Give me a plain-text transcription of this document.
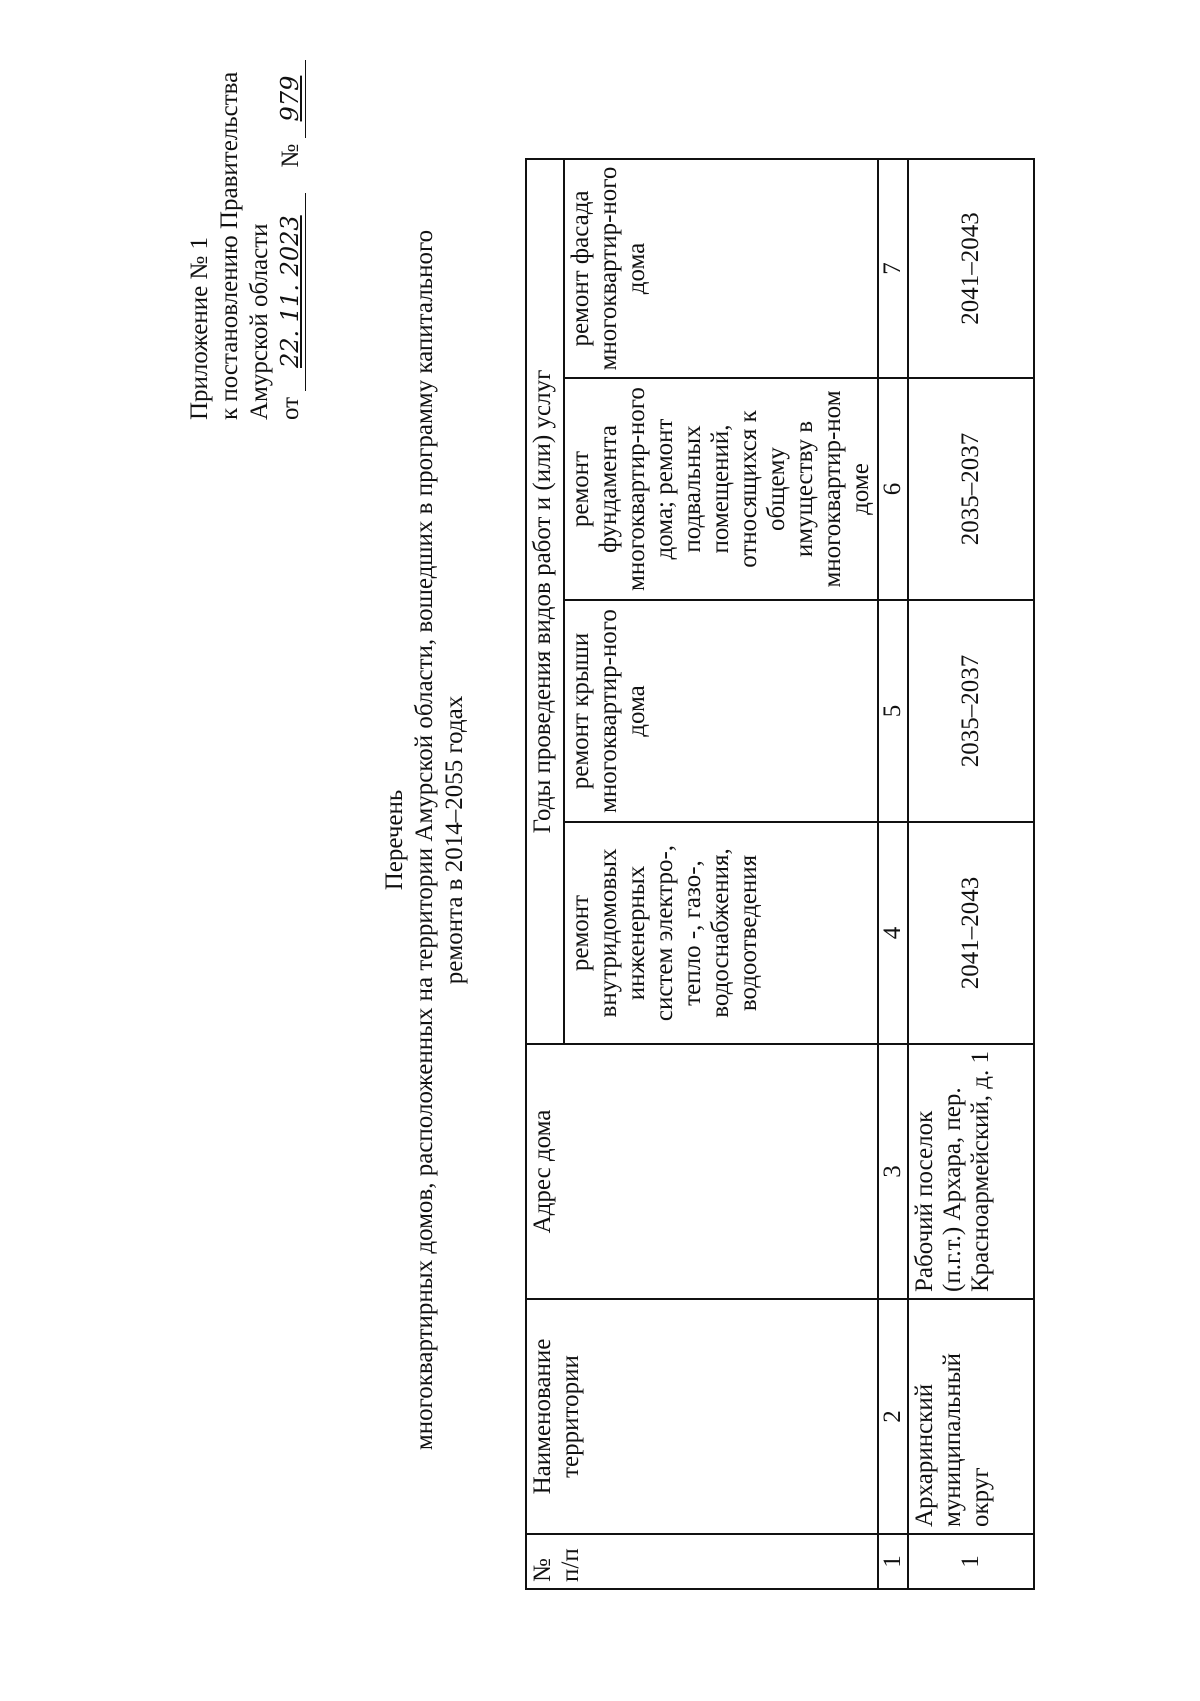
Приложение № 1 к постановлению Правительства Амурской области от 22. 11. 2023    № 979
Перечень многоквартирных домов, расположенных на территории Амурской области, вошедших в программу капитального ремонта в 2014–2055 годах
№ п/п	Наименование территории	Адрес дома	Годы проведения видов работ и (или) услуг			
			ремонт внутридомовых инженерных систем электро-, тепло -, газо-, водоснабжения, водоотведения	ремонт крыши многоквартир-ного дома	ремонт фундамента многоквартир-ного дома; ремонт подвальных помещений, относящихся к общему имуществу в многоквартир-ном доме	ремонт фасада многоквартир-ного дома
1	2	3	4	5	6	7
1	Архаринский муниципальный округ	Рабочий поселок (п.г.т.) Архара, пер. Красноармейский, д. 1	2041–2043	2035–2037	2035–2037	2041–2043
